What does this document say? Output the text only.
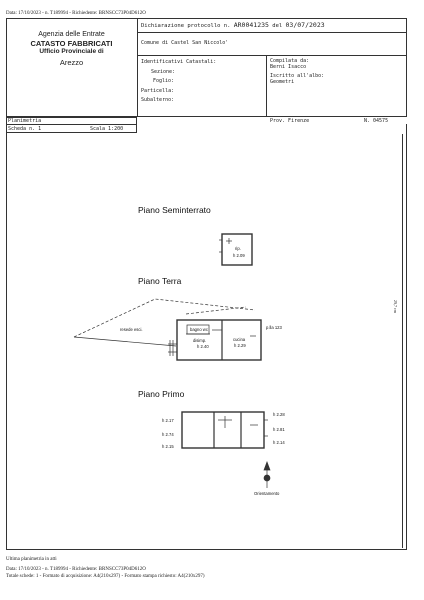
Data: 17/10/2023 - n. T189994 - Richiedente: BRNSCC73P04D612O
Agenzia delle Entrate
CATASTO FABBRICATI
Ufficio Provinciale di
Arezzo
Dichiarazione protocollo n. AR0041235 del 03/07/2023
Comune di Castel San Niccolo'
Identificativi Catastali:
Sezione:
Foglio:
Particella:
Subalterno:
Compilata da:
Berni Isacco
Iscritto all'albo:
Geometri
Prov. Firenze	N. 04575
Planimetria
Scheda n. 1	Scala 1:200
29,7 cm
Piano Seminterrato
Piano Terra
Piano Primo
rip.
h 2.09
resede esci.	bagno wc
disimp.
h 2.40
cucina
h 2.29
p.lla 123
h 2.17
h 2.74
h 2.15
h 2.28
h 2.81
h 2.14
Orientamento
Ultima planimetria in atti
Data: 17/10/2023 - n. T189994 - Richiedente: BRNSCC73P04D612O
Totale schede: 1 - Formato di acquisizione: A4(210x297) - Formato stampa richiesto: A4(210x297)
